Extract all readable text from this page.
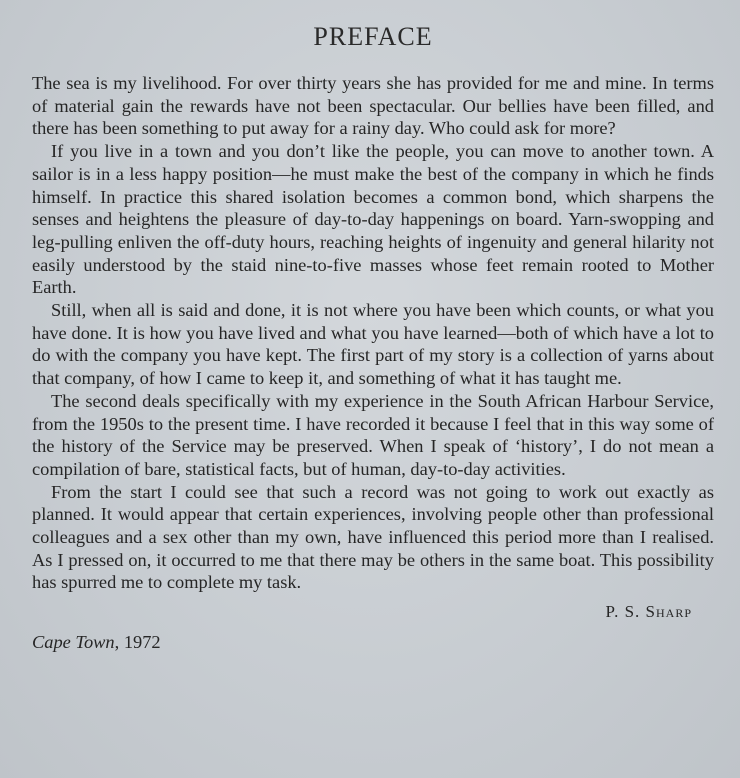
PREFACE

The sea is my livelihood. For over thirty years she has provided for me and mine. In terms of material gain the rewards have not been spectacular. Our bellies have been filled, and there has been something to put away for a rainy day. Who could ask for more?

If you live in a town and you don’t like the people, you can move to another town. A sailor is in a less happy position—he must make the best of the company in which he finds himself. In practice this shared isolation becomes a common bond, which sharpens the senses and heightens the pleasure of day-to-day happenings on board. Yarn-swopping and leg-pulling enliven the off-duty hours, reaching heights of ingenuity and general hilarity not easily understood by the staid nine-to-five masses whose feet remain rooted to Mother Earth.

Still, when all is said and done, it is not where you have been which counts, or what you have done. It is how you have lived and what you have learned—both of which have a lot to do with the company you have kept. The first part of my story is a collection of yarns about that company, of how I came to keep it, and something of what it has taught me.

The second deals specifically with my experience in the South African Harbour Service, from the 1950s to the present time. I have recorded it because I feel that in this way some of the history of the Service may be preserved. When I speak of ‘history’, I do not mean a compilation of bare, statistical facts, but of human, day-to-day activities.

From the start I could see that such a record was not going to work out exactly as planned. It would appear that certain experiences, involving people other than professional colleagues and a sex other than my own, have influenced this period more than I realised. As I pressed on, it occurred to me that there may be others in the same boat. This possibility has spurred me to complete my task.

P. S. Sharp
Cape Town, 1972
